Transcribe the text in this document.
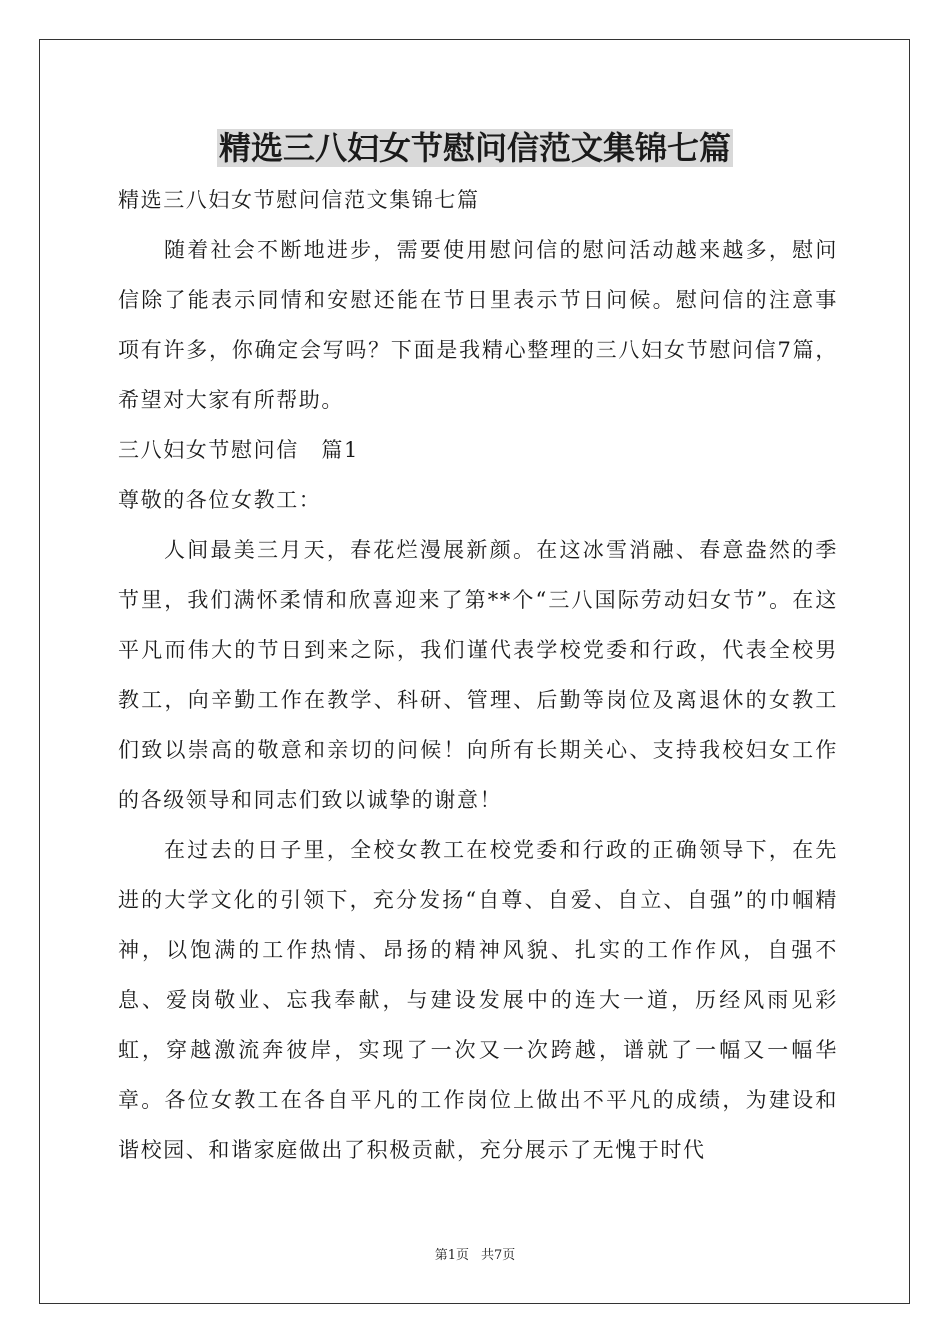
精选三八妇女节慰问信范文集锦七篇

精选三八妇女节慰问信范文集锦七篇

随着社会不断地进步，需要使用慰问信的慰问活动越来越多，慰问信除了能表示同情和安慰还能在节日里表示节日问候。慰问信的注意事项有许多，你确定会写吗？下面是我精心整理的三八妇女节慰问信7篇，希望对大家有所帮助。

三八妇女节慰问信　篇1

尊敬的各位女教工：

人间最美三月天，春花烂漫展新颜。在这冰雪消融、春意盎然的季节里，我们满怀柔情和欣喜迎来了第**个“三八国际劳动妇女节”。在这平凡而伟大的节日到来之际，我们谨代表学校党委和行政，代表全校男教工，向辛勤工作在教学、科研、管理、后勤等岗位及离退休的女教工们致以崇高的敬意和亲切的问候！向所有长期关心、支持我校妇女工作的各级领导和同志们致以诚挚的谢意！

在过去的日子里，全校女教工在校党委和行政的正确领导下，在先进的大学文化的引领下，充分发扬“自尊、自爱、自立、自强”的巾帼精神，以饱满的工作热情、昂扬的精神风貌、扎实的工作作风，自强不息、爱岗敬业、忘我奉献，与建设发展中的连大一道，历经风雨见彩虹，穿越激流奔彼岸，实现了一次又一次跨越，谱就了一幅又一幅华章。各位女教工在各自平凡的工作岗位上做出不平凡的成绩，为建设和谐校园、和谐家庭做出了积极贡献，充分展示了无愧于时代

第1页 共7页
